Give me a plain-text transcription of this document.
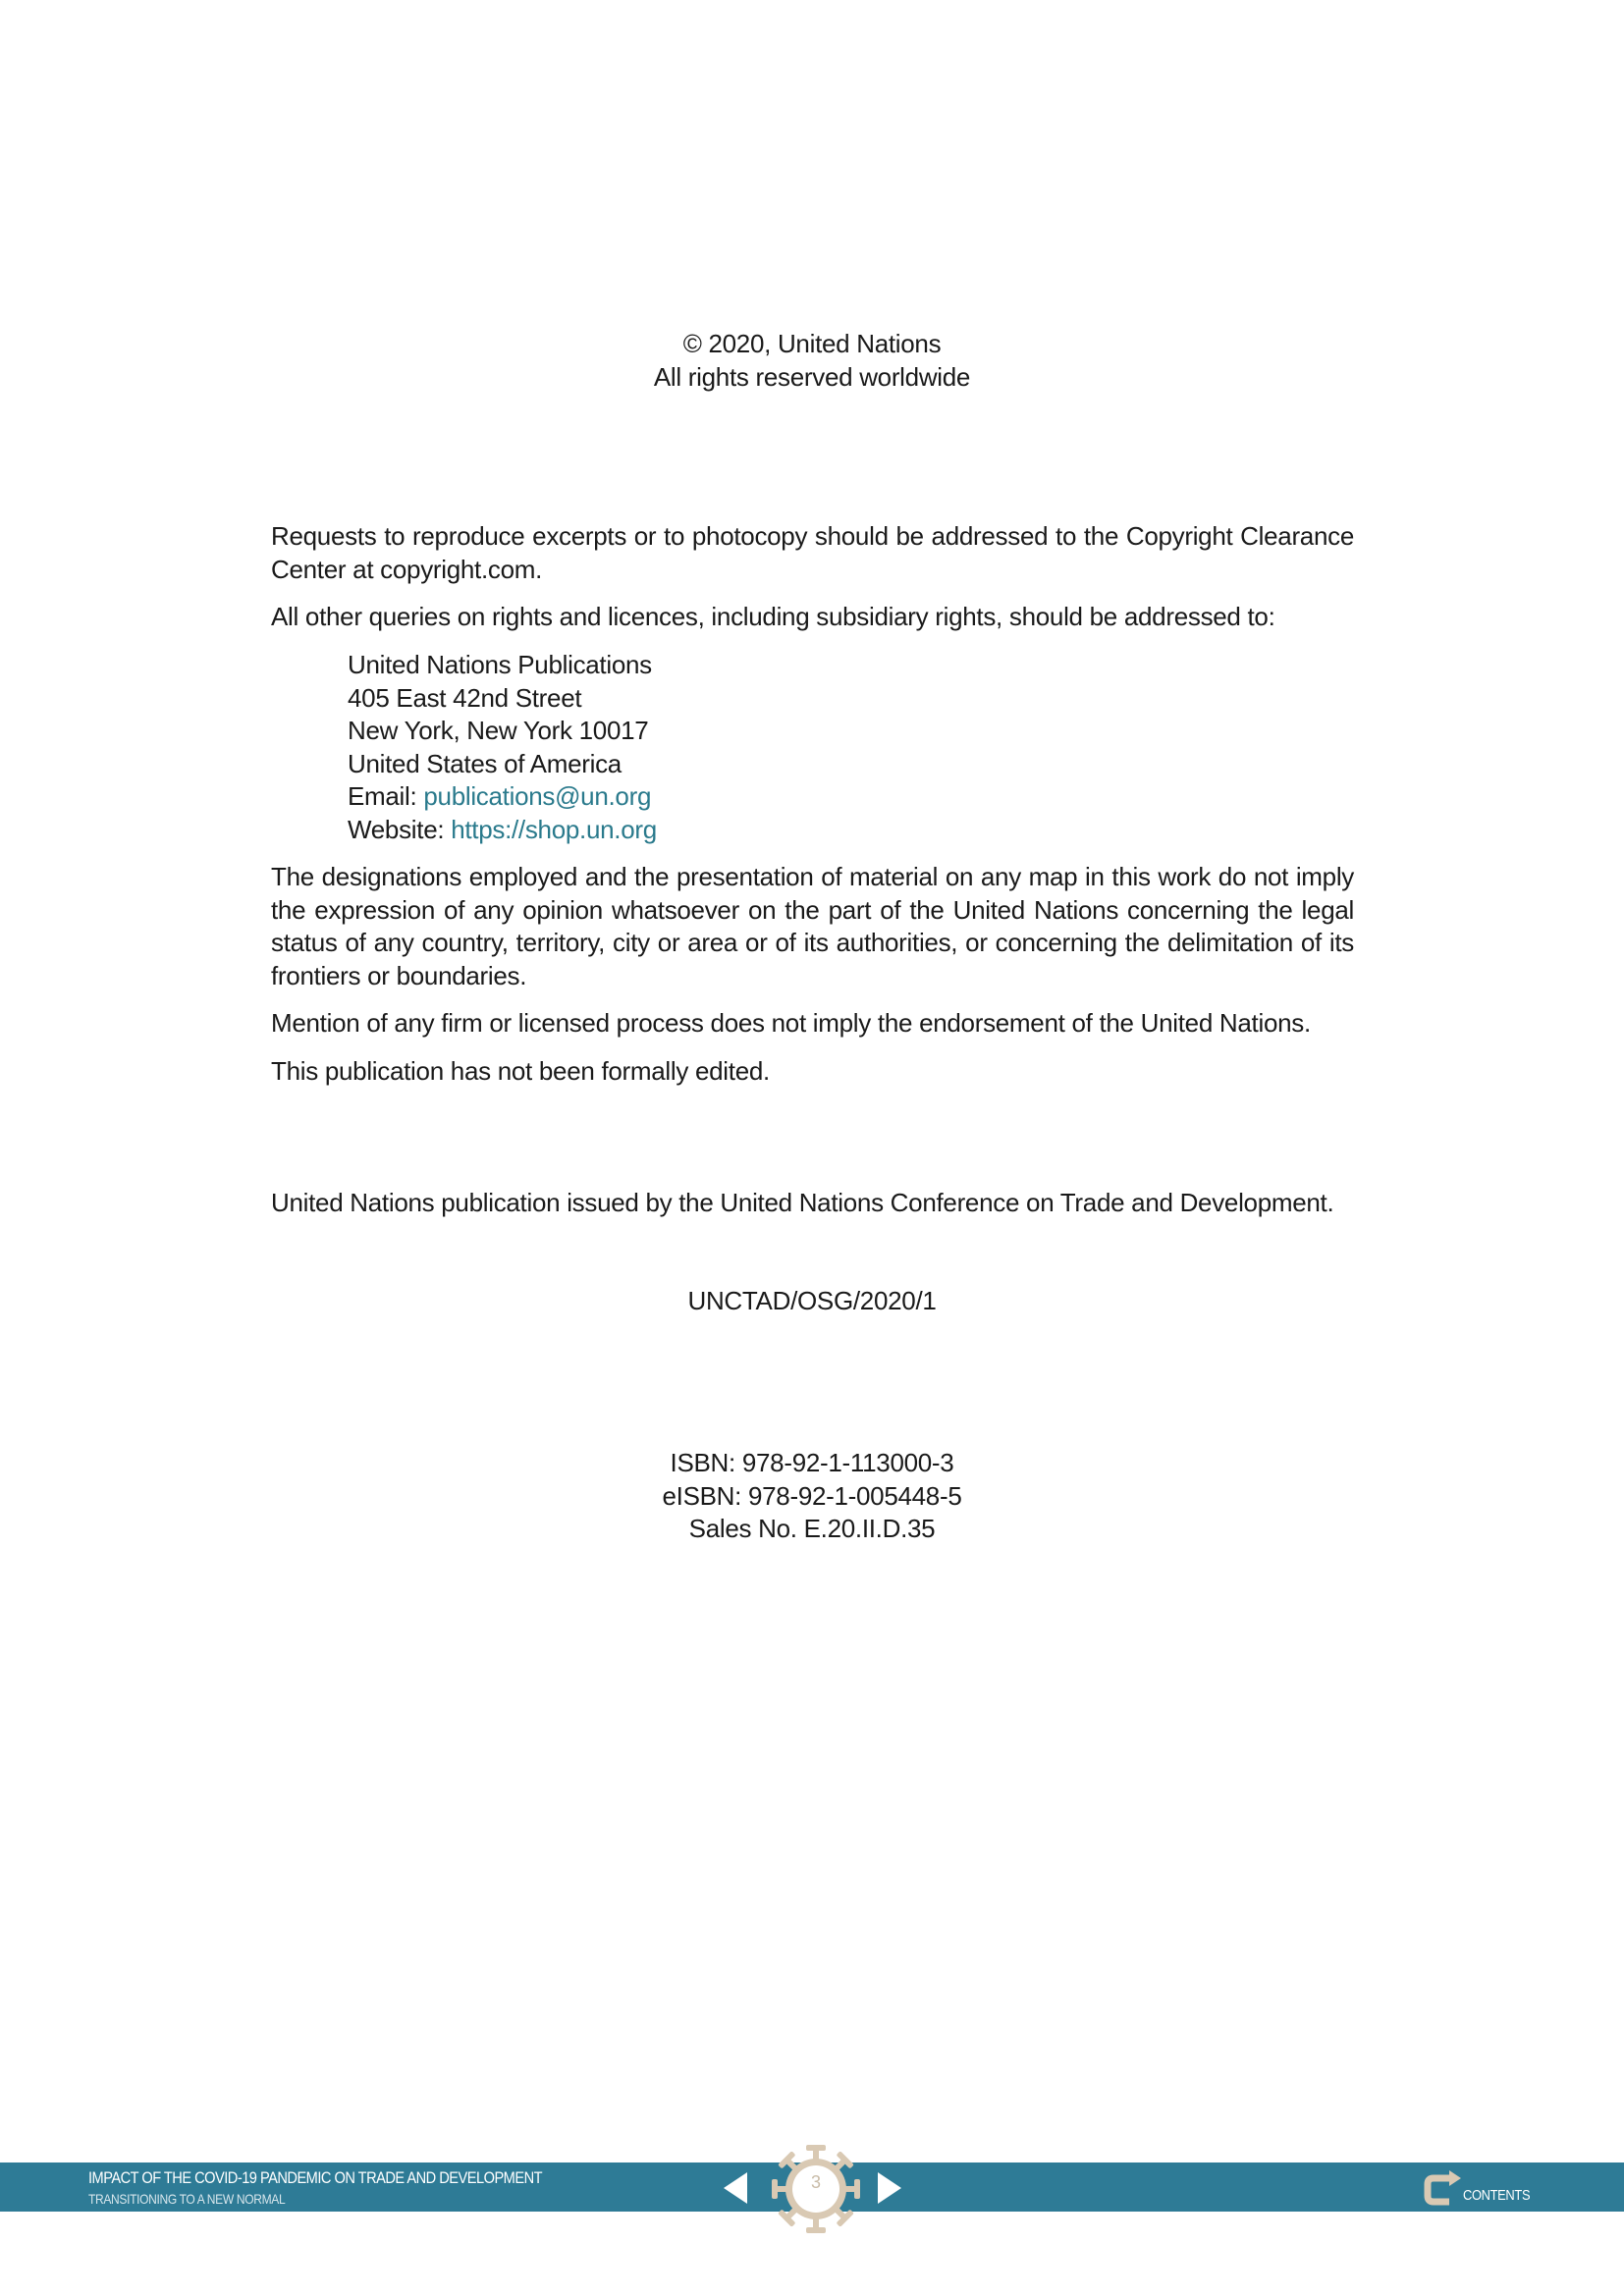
© 2020, United Nations
All rights reserved worldwide

Requests to reproduce excerpts or to photocopy should be addressed to the Copyright Clearance Center at copyright.com.

All other queries on rights and licences, including subsidiary rights, should be addressed to:
United Nations Publications
405 East 42nd Street
New York, New York 10017
United States of America
Email: publications@un.org
Website: https://shop.un.org

The designations employed and the presentation of material on any map in this work do not imply the expression of any opinion whatsoever on the part of the United Nations concerning the legal status of any country, territory, city or area or of its authorities, or concerning the delimitation of its frontiers or boundaries.

Mention of any firm or licensed process does not imply the endorsement of the United Nations.
This publication has not been formally edited.
United Nations publication issued by the United Nations Conference on Trade and Development.
UNCTAD/OSG/2020/1
ISBN: 978-92-1-113000-3
eISBN: 978-92-1-005448-5
Sales No. E.20.II.D.35
IMPACT OF THE COVID-19 PANDEMIC ON TRADE AND DEVELOPMENT
TRANSITIONING TO A NEW NORMAL
3
CONTENTS
